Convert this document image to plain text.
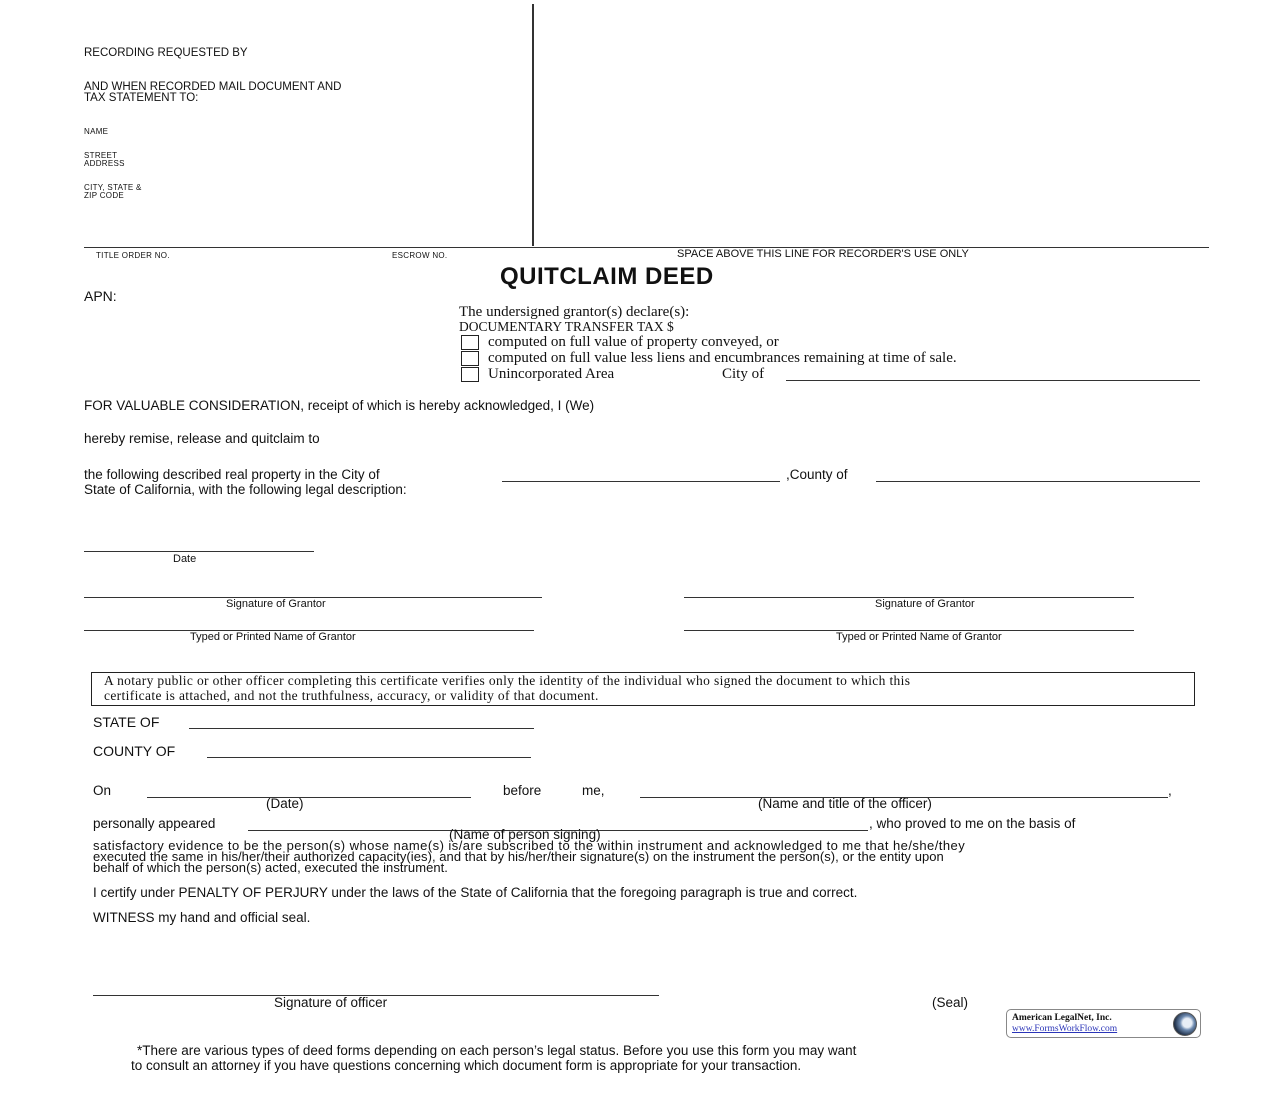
RECORDING REQUESTED BY
AND WHEN RECORDED MAIL DOCUMENT AND
TAX STATEMENT TO:
NAME
STREET
ADDRESS
CITY, STATE &
ZIP CODE
TITLE ORDER NO.	ESCROW NO.	SPACE ABOVE THIS LINE FOR RECORDER'S USE ONLY
QUITCLAIM DEED
APN:
The undersigned grantor(s) declare(s):
DOCUMENTARY TRANSFER TAX $
computed on full value of property conveyed, or
computed on full value less liens and encumbrances remaining at time of sale.
Unincorporated Area	City of
FOR VALUABLE CONSIDERATION, receipt of which is hereby acknowledged, I (We)
hereby remise, release and quitclaim to
the following described real property in the City of	,County of
State of California, with the following legal description:
Date
Signature of Grantor	Signature of Grantor
Typed or Printed Name of Grantor	Typed or Printed Name of Grantor
A notary public or other officer completing this certificate verifies only the identity of the individual who signed the document to which this
certificate is attached, and not the truthfulness, accuracy, or validity of that document.
STATE OF
COUNTY OF
On
(Date)
before	me,	,
(Name and title of the officer)
personally appeared	, who proved to me on the basis of
(Name of person signing)
satisfactory evidence to be the person(s) whose name(s) is/are subscribed to the within instrument and acknowledged to me that he/she/they
executed the same in his/her/their authorized capacity(ies), and that by his/her/their signature(s) on the instrument the person(s), or the entity upon
behalf of which the person(s) acted, executed the instrument.
I certify under PENALTY OF PERJURY under the laws of the State of California that the foregoing paragraph is true and correct.
WITNESS my hand and official seal.
Signature of officer	(Seal)
American LegalNet, Inc.
www.FormsWorkFlow.com
*There are various types of deed forms depending on each person’s legal status. Before you use this form you may want
to consult an attorney if you have questions concerning which document form is appropriate for your transaction.
